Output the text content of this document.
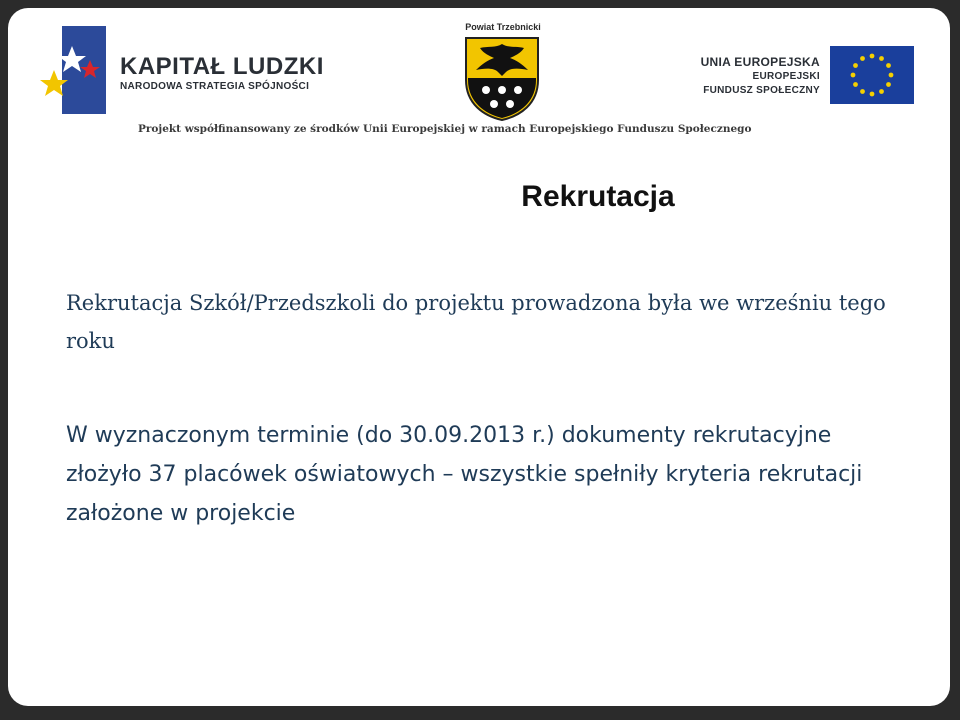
KAPITAŁ LUDZKI
NARODOWA STRATEGIA SPÓJNOŚCI
Powiat Trzebnicki
UNIA EUROPEJSKA
EUROPEJSKI
FUNDUSZ SPOŁECZNY
Projekt współfinansowany ze środków Unii Europejskiej w ramach Europejskiego Funduszu Społecznego
Rekrutacja
Rekrutacja Szkół/Przedszkoli do projektu prowadzona była we wrześniu tego roku
W wyznaczonym terminie (do 30.09.2013 r.) dokumenty rekrutacyjne złożyło 37 placówek oświatowych – wszystkie spełniły kryteria rekrutacji założone w projekcie
